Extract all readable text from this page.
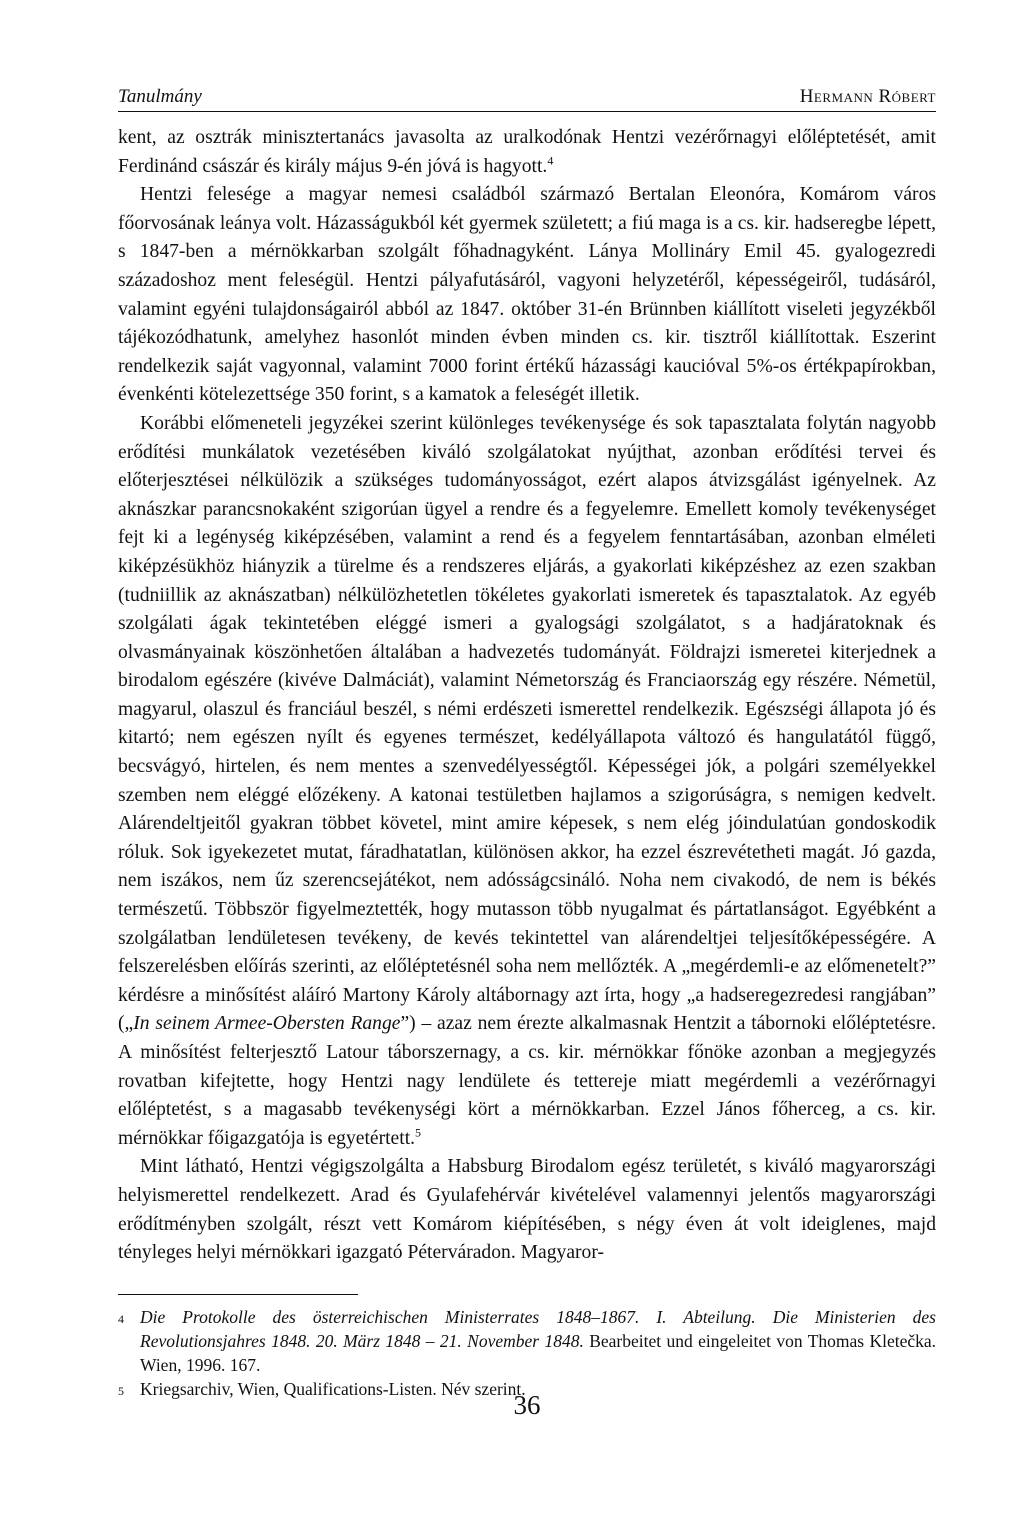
Tanulmány	Hermann Róbert

kent, az osztrák minisztertanács javasolta az uralkodónak Hentzi vezérőrnagyi előléptetését, amit Ferdinánd császár és király május 9-én jóvá is hagyott.$^4$

Hentzi felesége a magyar nemesi családból származó Bertalan Eleonóra, Komárom város főorvosának leánya volt. Házasságukból két gyermek született; a fiú maga is a cs. kir. hadseregbe lépett, s 1847-ben a mérnökkarban szolgált főhadnagyként. Lánya Mollináry Emil 45. gyalogezredi századoshoz ment feleségül. Hentzi pályafutásáról, vagyoni helyzetéről, képességeiről, tudásáról, valamint egyéni tulajdonságairól abból az 1847. október 31-én Brünnben kiállított viseleti jegyzékből tájékozódhatunk, amelyhez hasonlót minden évben minden cs. kir. tisztről kiállítottak. Eszerint rendelkezik saját vagyonnal, valamint 7000 forint értékű házassági kaucióval 5%-os értékpapírokban, évenkénti kötelezettsége 350 forint, s a kamatok a feleségét illetik.

Korábbi előmeneteli jegyzékei szerint különleges tevékenysége és sok tapasztalata folytán nagyobb erődítési munkálatok vezetésében kiváló szolgálatokat nyújthat, azonban erődítési tervei és előterjesztései nélkülözik a szükséges tudományosságot, ezért alapos átvizsgálást igényelnek. Az aknászkar parancsnokaként szigorúan ügyel a rendre és a fegyelemre. Emellett komoly tevékenységet fejt ki a legénység kiképzésében, valamint a rend és a fegyelem fenntartásában, azonban elméleti kiképzésükhöz hiányzik a türelme és a rendszeres eljárás, a gyakorlati kiképzéshez az ezen szakban (tudniillik az aknászatban) nélkülözhetetlen tökéletes gyakorlati ismeretek és tapasztalatok. Az egyéb szolgálati ágak tekintetében eléggé ismeri a gyalogsági szolgálatot, s a hadjáratoknak és olvasmányainak köszönhetően általában a hadvezetés tudományát. Földrajzi ismeretei kiterjednek a birodalom egészére (kivéve Dalmáciát), valamint Németország és Franciaország egy részére. Németül, magyarul, olaszul és franciául beszél, s némi erdészeti ismerettel rendelkezik. Egészségi állapota jó és kitartó; nem egészen nyílt és egyenes természet, kedélyállapota változó és hangulatától függő, becsvágyó, hirtelen, és nem mentes a szenvedélyességtől. Képességei jók, a polgári személyekkel szemben nem eléggé előzékeny. A katonai testületben hajlamos a szigorúságra, s nemigen kedvelt. Alárendeltjeitől gyakran többet követel, mint amire képesek, s nem elég jóindulatúan gondoskodik róluk. Sok igyekezetet mutat, fáradhatatlan, különösen akkor, ha ezzel észrevétetheti magát. Jó gazda, nem iszákos, nem űz szerencsejátékot, nem adósságcsináló. Noha nem civakodó, de nem is békés természetű. Többször figyelmeztették, hogy mutasson több nyugalmat és pártatlanságot. Egyébként a szolgálatban lendületesen tevékeny, de kevés tekintettel van alárendeltjei teljesítőképességére. A felszerelésben előírás szerinti, az előléptetésnél soha nem mellőzték. A „megérdemli-e az előmenetelt?” kérdésre a minősítést aláíró Martony Károly altábornagy azt írta, hogy „a hadseregezredesi rangjában” („In seinem Armee-Obersten Range”) – azaz nem érezte alkalmasnak Hentzit a tábornoki előléptetésre. A minősítést felterjesztő Latour táborszernagy, a cs. kir. mérnökkar főnöke azonban a megjegyzés rovatban kifejtette, hogy Hentzi nagy lendülete és tettereje miatt megérdemli a vezérőrnagyi előléptetést, s a magasabb tevékenységi kört a mérnökkarban. Ezzel János főherceg, a cs. kir. mérnökkar főigazgatója is egyetértett.$^5$

Mint látható, Hentzi végigszolgálta a Habsburg Birodalom egész területét, s kiváló magyarországi helyismerettel rendelkezett. Arad és Gyulafehérvár kivételével valamennyi jelentős magyarországi erődítményben szolgált, részt vett Komárom kiépítésében, s négy éven át volt ideiglenes, majd tényleges helyi mérnökkari igazgató Péterváradon. Magyaror-

4 Die Protokolle des österreichischen Ministerrates 1848–1867. I. Abteilung. Die Ministerien des Revolutionsjahres 1848. 20. März 1848 – 21. November 1848. Bearbeitet und eingeleitet von Thomas Kletečka. Wien, 1996. 167.
5 Kriegsarchiv, Wien, Qualifications-Listen. Név szerint.
36
